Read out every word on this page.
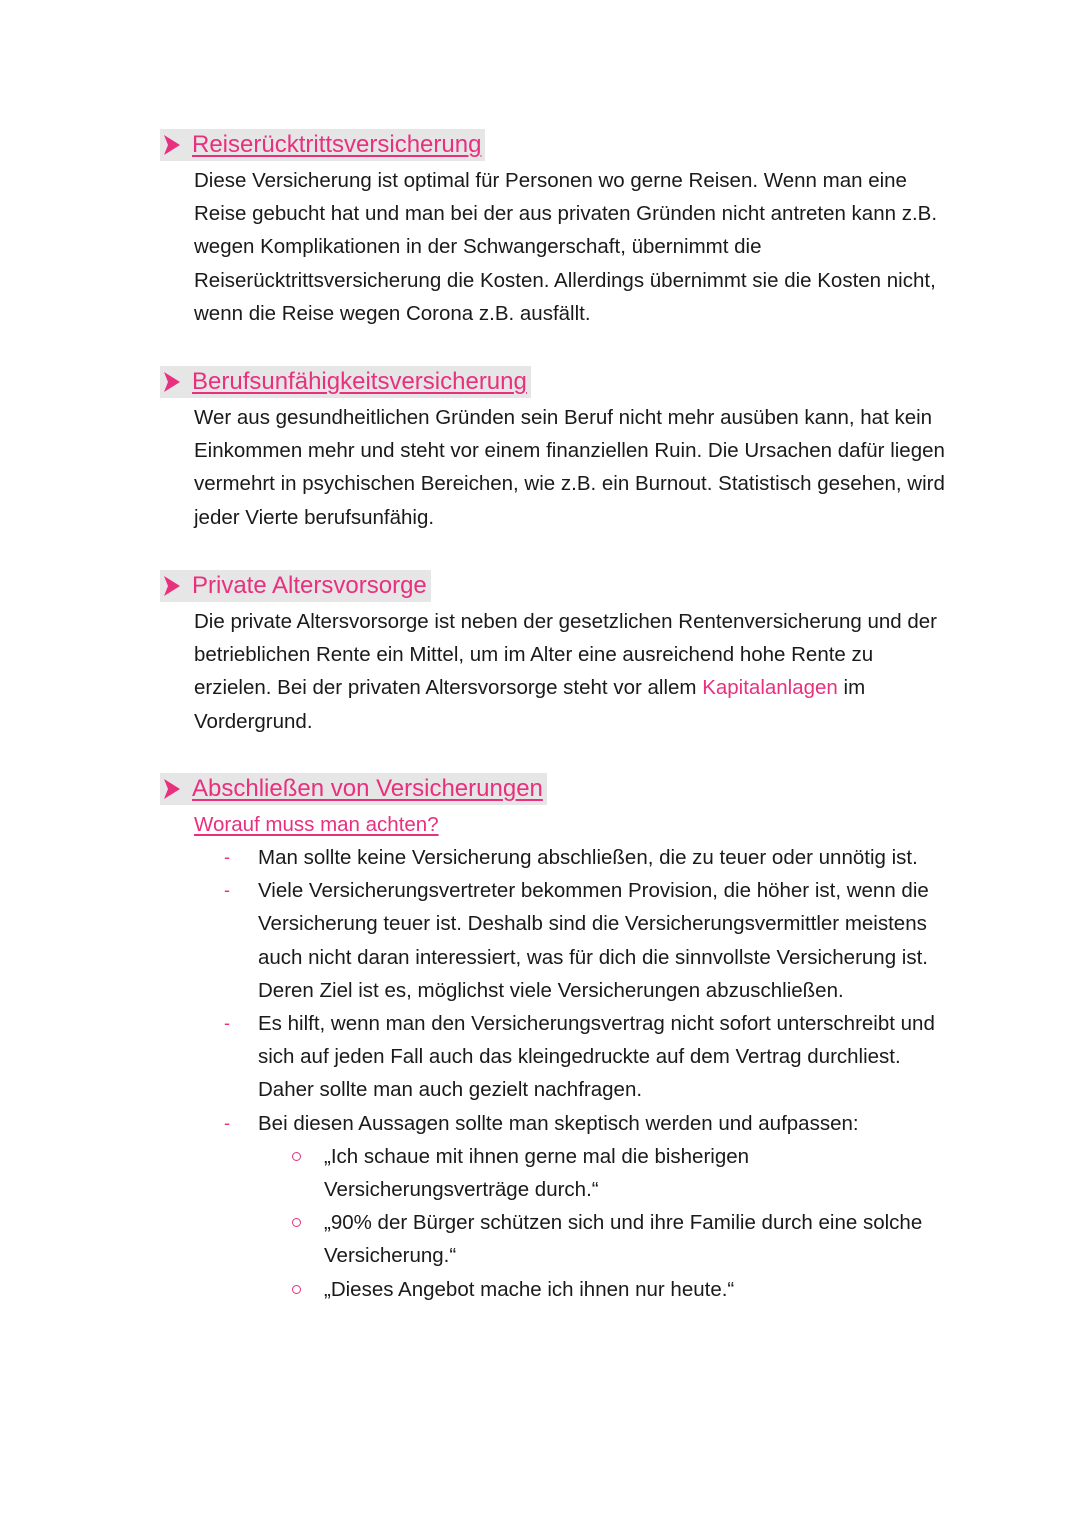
Reiserücktrittsversicherung
Diese Versicherung ist optimal für Personen wo gerne Reisen. Wenn man eine Reise gebucht hat und man bei der aus privaten Gründen nicht antreten kann z.B. wegen Komplikationen in der Schwangerschaft, übernimmt die Reiserücktrittsversicherung die Kosten. Allerdings übernimmt sie die Kosten nicht, wenn die Reise wegen Corona z.B. ausfällt.
Berufsunfähigkeitsversicherung
Wer aus gesundheitlichen Gründen sein Beruf nicht mehr ausüben kann, hat kein Einkommen mehr und steht vor einem finanziellen Ruin. Die Ursachen dafür liegen vermehrt in psychischen Bereichen, wie z.B. ein Burnout. Statistisch gesehen, wird jeder Vierte berufsunfähig.
Private Altersvorsorge
Die private Altersvorsorge ist neben der gesetzlichen Rentenversicherung und der betrieblichen Rente ein Mittel, um im Alter eine ausreichend hohe Rente zu erzielen. Bei der privaten Altersvorsorge steht vor allem Kapitalanlagen im Vordergrund.
Abschließen von Versicherungen
Worauf muss man achten?
- Man sollte keine Versicherung abschließen, die zu teuer oder unnötig ist.
- Viele Versicherungsvertreter bekommen Provision, die höher ist, wenn die Versicherung teuer ist. Deshalb sind die Versicherungsvermittler meistens auch nicht daran interessiert, was für dich die sinnvollste Versicherung ist. Deren Ziel ist es, möglichst viele Versicherungen abzuschließen.
- Es hilft, wenn man den Versicherungsvertrag nicht sofort unterschreibt und sich auf jeden Fall auch das kleingedruckte auf dem Vertrag durchliest. Daher sollte man auch gezielt nachfragen.
- Bei diesen Aussagen sollte man skeptisch werden und aufpassen:
„Ich schaue mit ihnen gerne mal die bisherigen Versicherungsverträge durch.“
„90% der Bürger schützen sich und ihre Familie durch eine solche Versicherung.“
„Dieses Angebot mache ich ihnen nur heute.“
